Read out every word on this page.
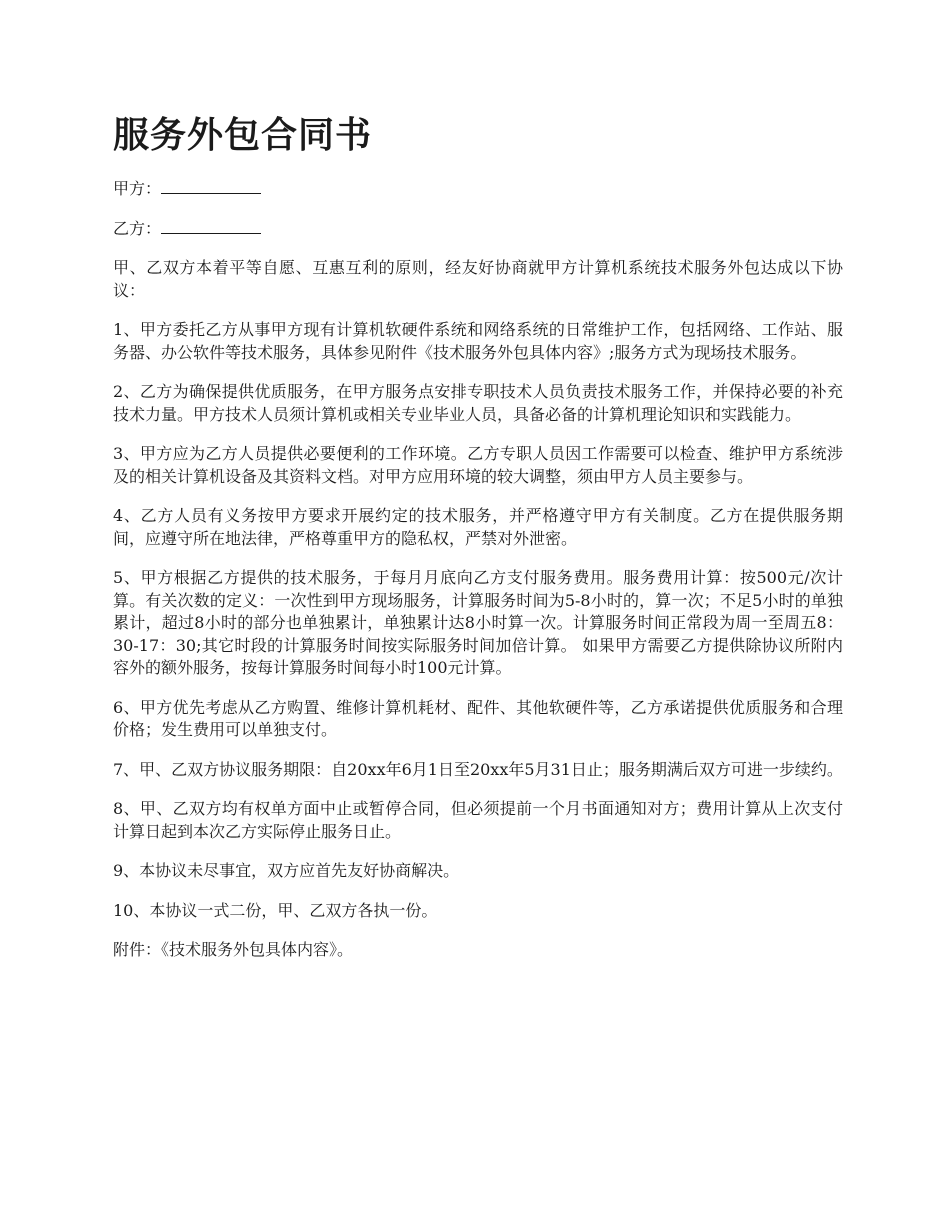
服务外包合同书

甲方：

乙方：

甲、乙双方本着平等自愿、互惠互利的原则，经友好协商就甲方计算机系统技术服务外包达成以下协议：

1、甲方委托乙方从事甲方现有计算机软硬件系统和网络系统的日常维护工作，包括网络、工作站、服务器、办公软件等技术服务，具体参见附件《技术服务外包具体内容》;服务方式为现场技术服务。

2、乙方为确保提供优质服务，在甲方服务点安排专职技术人员负责技术服务工作，并保持必要的补充技术力量。甲方技术人员须计算机或相关专业毕业人员，具备必备的计算机理论知识和实践能力。

3、甲方应为乙方人员提供必要便利的工作环境。乙方专职人员因工作需要可以检查、维护甲方系统涉及的相关计算机设备及其资料文档。对甲方应用环境的较大调整，须由甲方人员主要参与。

4、乙方人员有义务按甲方要求开展约定的技术服务，并严格遵守甲方有关制度。乙方在提供服务期间，应遵守所在地法律，严格尊重甲方的隐私权，严禁对外泄密。

5、甲方根据乙方提供的技术服务，于每月月底向乙方支付服务费用。服务费用计算：按500元/次计算。有关次数的定义：一次性到甲方现场服务，计算服务时间为5-8小时的，算一次；不足5小时的单独累计，超过8小时的部分也单独累计，单独累计达8小时算一次。计算服务时间正常段为周一至周五8：30-17：30;其它时段的计算服务时间按实际服务时间加倍计算。 如果甲方需要乙方提供除协议所附内容外的额外服务，按每计算服务时间每小时100元计算。

6、甲方优先考虑从乙方购置、维修计算机耗材、配件、其他软硬件等，乙方承诺提供优质服务和合理价格；发生费用可以单独支付。

7、甲、乙双方协议服务期限：自20xx年6月1日至20xx年5月31日止；服务期满后双方可进一步续约。

8、甲、乙双方均有权单方面中止或暂停合同，但必须提前一个月书面通知对方；费用计算从上次支付计算日起到本次乙方实际停止服务日止。

9、本协议未尽事宜，双方应首先友好协商解决。

10、本协议一式二份，甲、乙双方各执一份。

附件：《技术服务外包具体内容》。
